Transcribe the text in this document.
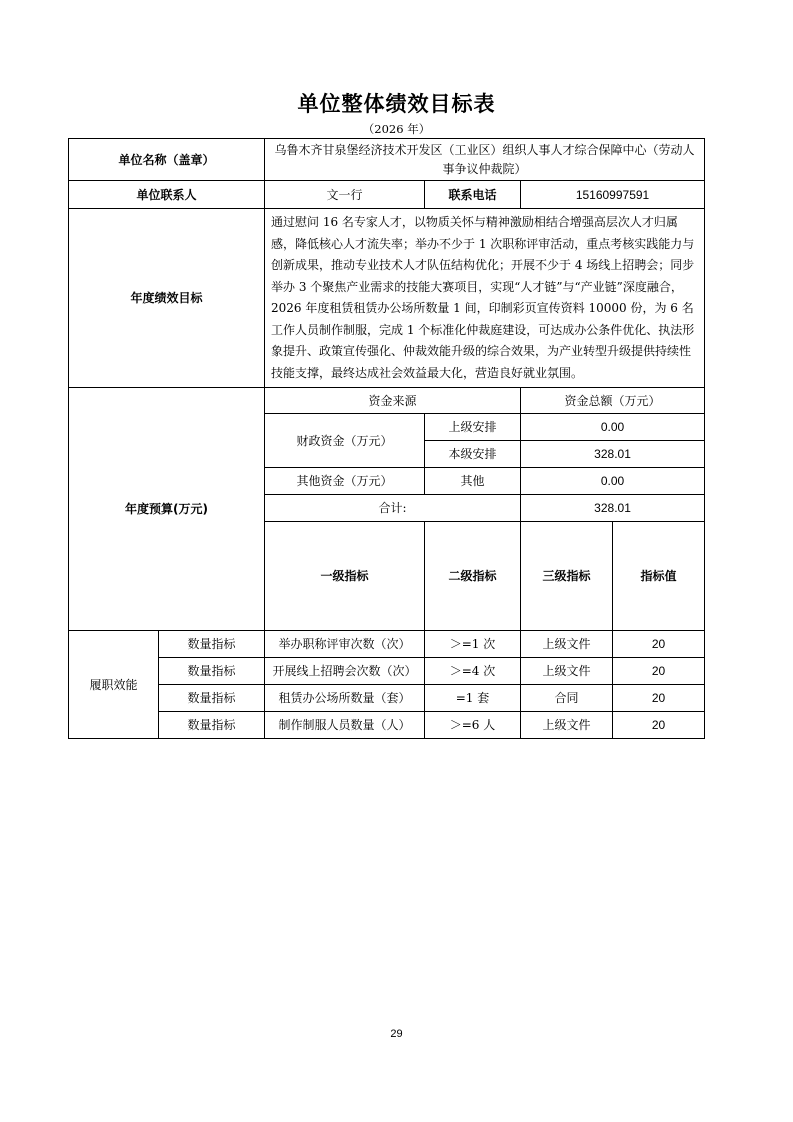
单位整体绩效目标表
（2026 年）
单位名称（盖章）		乌鲁木齐甘泉堡经济技术开发区（工业区）组织人事人才综合保障中心（劳动人事争议仲裁院）				
单位联系人		文一行	联系电话	15160997591		
年度绩效目标		通过慰问 16 名专家人才，以物质关怀与精神激励相结合增强高层次人才归属感，降低核心人才流失率；举办不少于 1 次职称评审活动，重点考核实践能力与创新成果，推动专业技术人才队伍结构优化；开展不少于 4 场线上招聘会；同步举办 3 个聚焦产业需求的技能大赛项目，实现“人才链”与“产业链”深度融合，2026 年度租赁租赁办公场所数量 1 间，印制彩页宣传资料 10000 份，为 6 名工作人员制作制服，完成 1 个标准化仲裁庭建设，可达成办公条件优化、执法形象提升、政策宣传强化、仲裁效能升级的综合效果，为产业转型升级提供持续性技能支撑，最终达成社会效益最大化，营造良好就业氛围。				
年度预算(万元)		资金来源		资金总额（万元）		
		财政资金（万元）	上级安排	0.00		
			本级安排	328.01		
		其他资金（万元）	其他	0.00		
		合计:		328.01		
		一级指标	二级指标	三级指标	指标值		
履职效能	数量指标	举办职称评审次数（次）	＞=1 次	上级文件	20	
	数量指标	开展线上招聘会次数（次）	＞=4 次	上级文件	20	
	数量指标	租赁办公场所数量（套）	=1 套	合同	20	
	数量指标	制作制服人员数量（人）	＞=6 人	上级文件	20	
29
